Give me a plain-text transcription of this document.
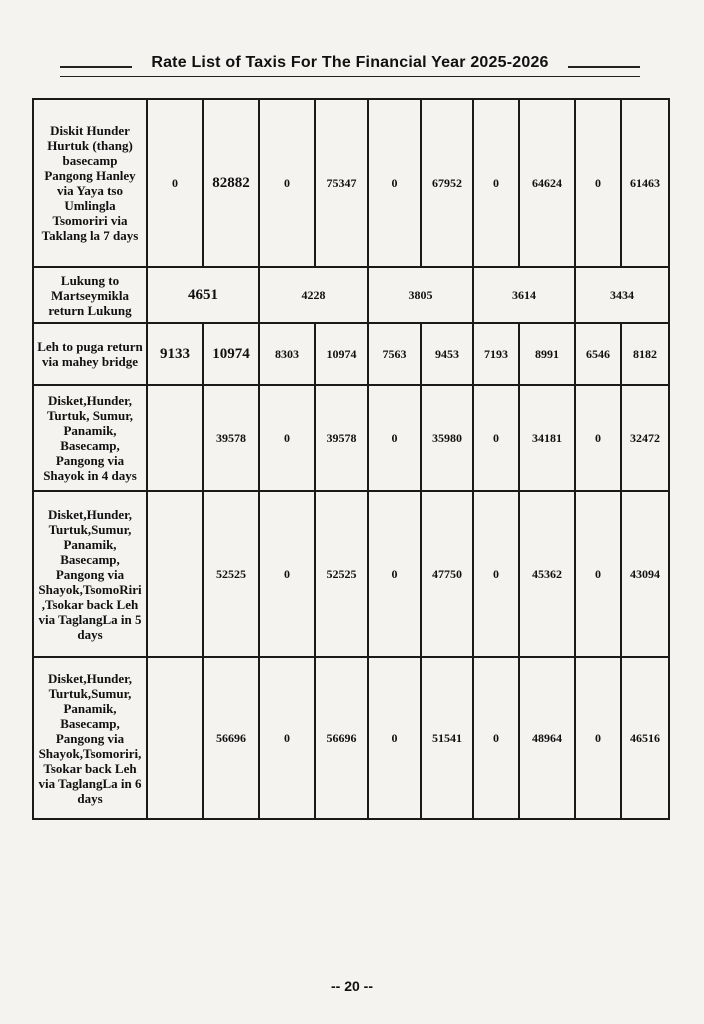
Rate List of Taxis For The Financial Year 2025-2026
Diskit Hunder Hurtuk (thang) basecamp Pangong Hanley via Yaya tso Umlingla Tsomoriri via Taklang la 7 days	0	82882	0	75347	0	67952	0	64624	0	61463
Lukung to Martseymikla return Lukung	4651		4228		3805		3614		3434	
Leh to puga return via mahey bridge	9133	10974	8303	10974	7563	9453	7193	8991	6546	8182
Disket,Hunder, Turtuk, Sumur, Panamik, Basecamp, Pangong via Shayok in 4 days		39578	0	39578	0	35980	0	34181	0	32472
Disket,Hunder, Turtuk,Sumur, Panamik, Basecamp, Pangong via Shayok,TsomoRiri,Tsokar back Leh via TaglangLa in 5 days		52525	0	52525	0	47750	0	45362	0	43094
Disket,Hunder, Turtuk,Sumur, Panamik, Basecamp, Pangong via Shayok,Tsomoriri,Tsokar back Leh via TaglangLa in 6 days		56696	0	56696	0	51541	0	48964	0	46516
-- 20 --
